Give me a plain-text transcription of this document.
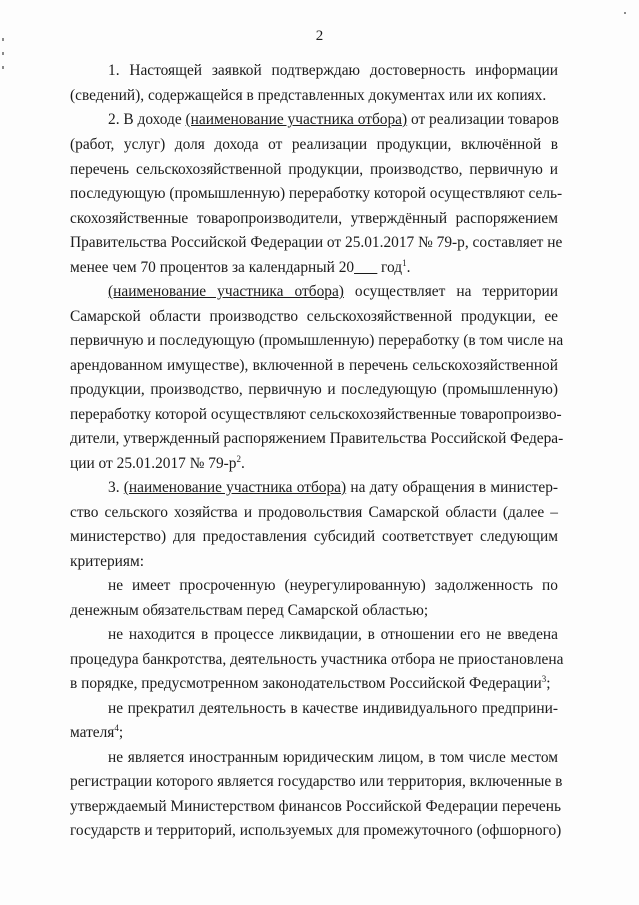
2
1. Настоящей заявкой подтверждаю достоверность информации
(сведений), содержащейся в представленных документах или их копиях.
2. В доходе (наименование участника отбора) от реализации товаров
(работ, услуг) доля дохода от реализации продукции, включённой в
перечень сельскохозяйственной продукции, производство, первичную и
последующую (промышленную) переработку которой осуществляют сель-
скохозяйственные товаропроизводители, утверждённый распоряжением
Правительства Российской Федерации от 25.01.2017 № 79-р, составляет не
менее чем 70 процентов за календарный 20___ год$^1$.
(наименование участника отбора) осуществляет на территории
Самарской области производство сельскохозяйственной продукции, ее
первичную и последующую (промышленную) переработку (в том числе на
арендованном имуществе), включенной в перечень сельскохозяйственной
продукции, производство, первичную и последующую (промышленную)
переработку которой осуществляют сельскохозяйственные товаропроизво-
дители, утвержденный распоряжением Правительства Российской Федера-
ции от 25.01.2017 № $79-р^2$.
3. (наименование участника отбора) на дату обращения в министер-
ство сельского хозяйства и продовольствия Самарской области (далее –
министерство) для предоставления субсидий соответствует следующим
критериям:
не имеет просроченную (неурегулированную) задолженность по
денежным обязательствам перед Самарской областью;
не находится в процессе ликвидации, в отношении его не введена
процедура банкротства, деятельность участника отбора не приостановлена
в порядке, предусмотренном законодательством Российской Федерации$^3$;
не прекратил деятельность в качестве индивидуального предприни-
мателя$^4$;
не является иностранным юридическим лицом, в том числе местом
регистрации которого является государство или территория, включенные в
утверждаемый Министерством финансов Российской Федерации перечень
государств и территорий, используемых для промежуточного (офшорного)
